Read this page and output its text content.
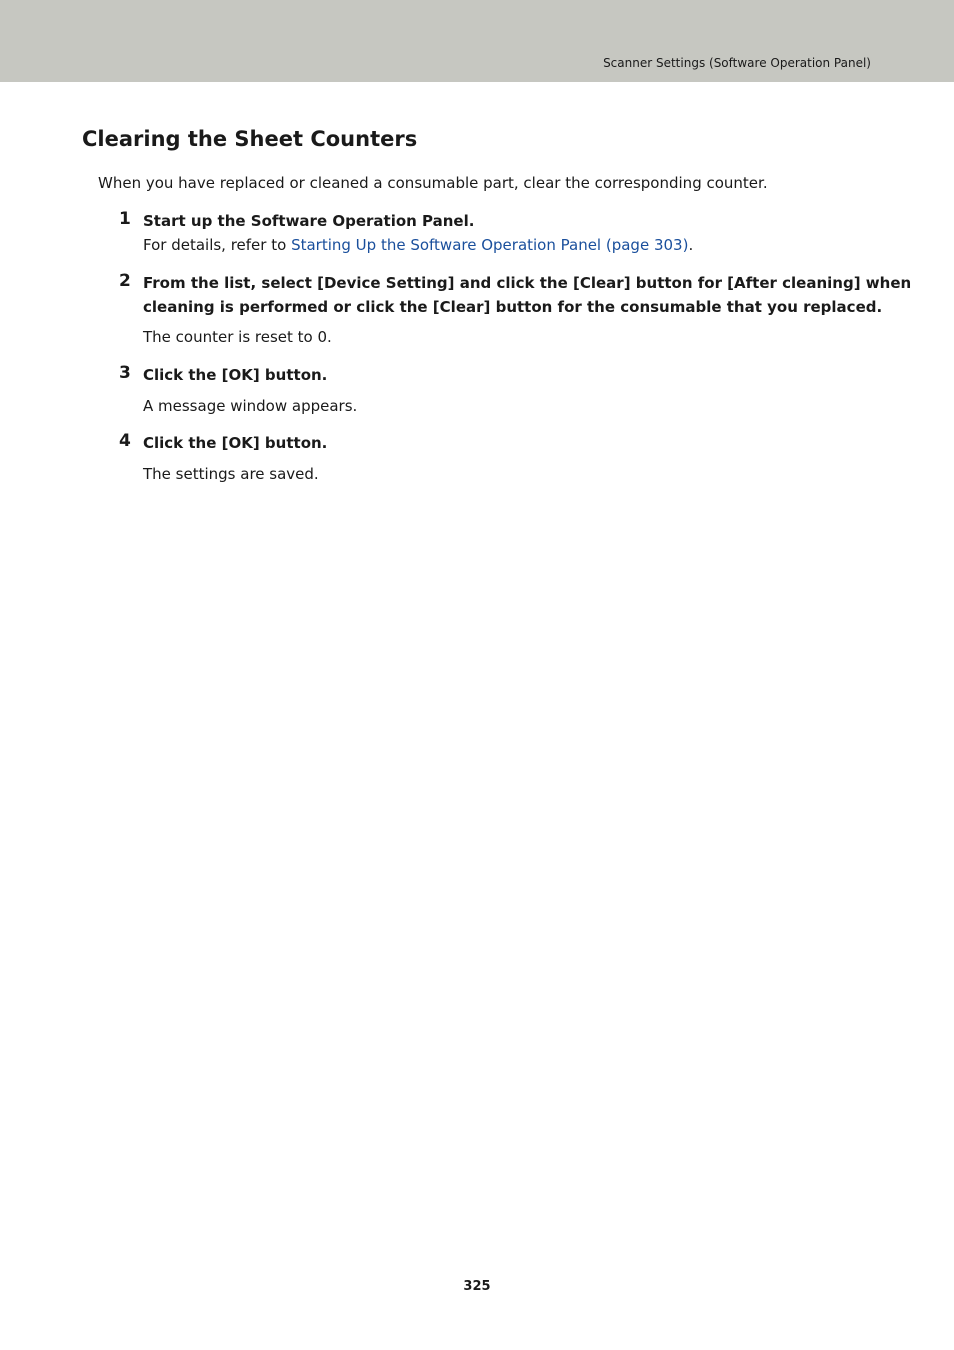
Scanner Settings (Software Operation Panel)
Clearing the Sheet Counters

When you have replaced or cleaned a consumable part, clear the corresponding counter.

1 Start up the Software Operation Panel.
For details, refer to Starting Up the Software Operation Panel (page 303).
2 From the list, select [Device Setting] and click the [Clear] button for [After cleaning] when
cleaning is performed or click the [Clear] button for the consumable that you replaced.
The counter is reset to 0.
3 Click the [OK] button.
A message window appears.
4 Click the [OK] button.
The settings are saved.
325
